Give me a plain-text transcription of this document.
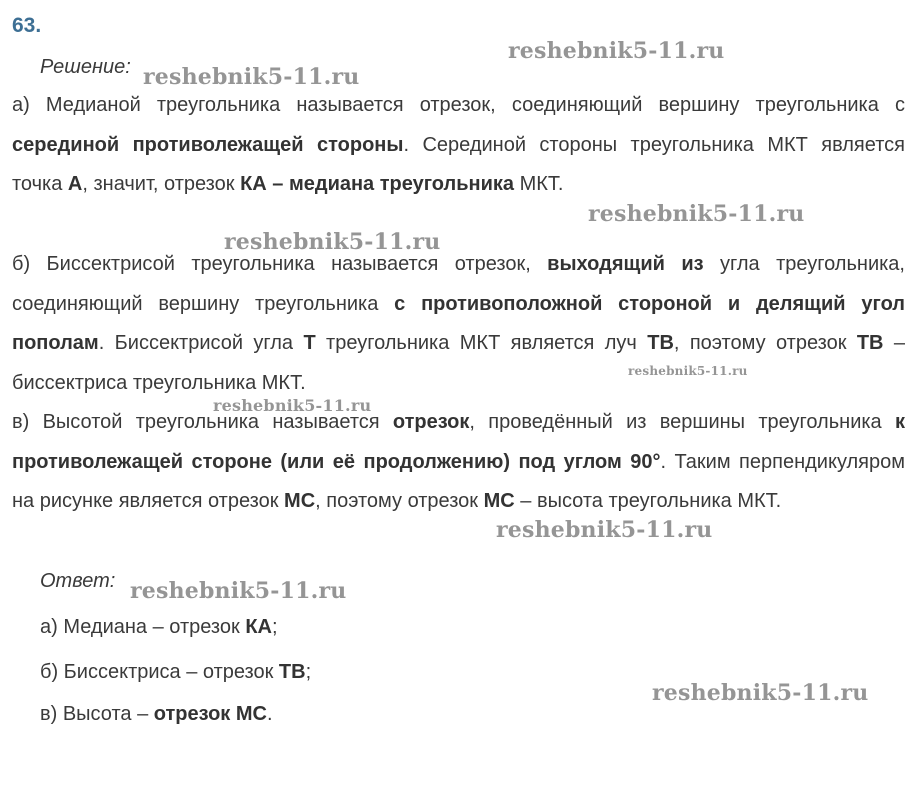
63.
Решение:
а) Медианой треугольника называется отрезок, соединяющий вершину треугольника с серединой противолежащей стороны. Серединой стороны треугольника МКТ является точка А, значит, отрезок КА – медиана треугольника МКТ.
б) Биссектрисой треугольника называется отрезок, выходящий из угла треугольника, соединяющий вершину треугольника с противоположной стороной и делящий угол пополам. Биссектрисой угла Т треугольника МКТ является луч ТВ, поэтому отрезок ТВ – биссектриса треугольника МКТ.
в) Высотой треугольника называется отрезок, проведённый из вершины треугольника к противолежащей стороне (или её продолжению) под углом 90°. Таким перпендикуляром на рисунке является отрезок МС, поэтому отрезок МС – высота треугольника МКТ.
Ответ:
а) Медиана – отрезок КА;
б) Биссектриса – отрезок ТВ;
в) Высота – отрезок МС.
reshebnik5-11.ru
reshebnik5-11.ru
reshebnik5-11.ru
reshebnik5-11.ru
reshebnik5-11.ru
reshebnik5-11.ru
reshebnik5-11.ru
reshebnik5-11.ru
reshebnik5-11.ru
